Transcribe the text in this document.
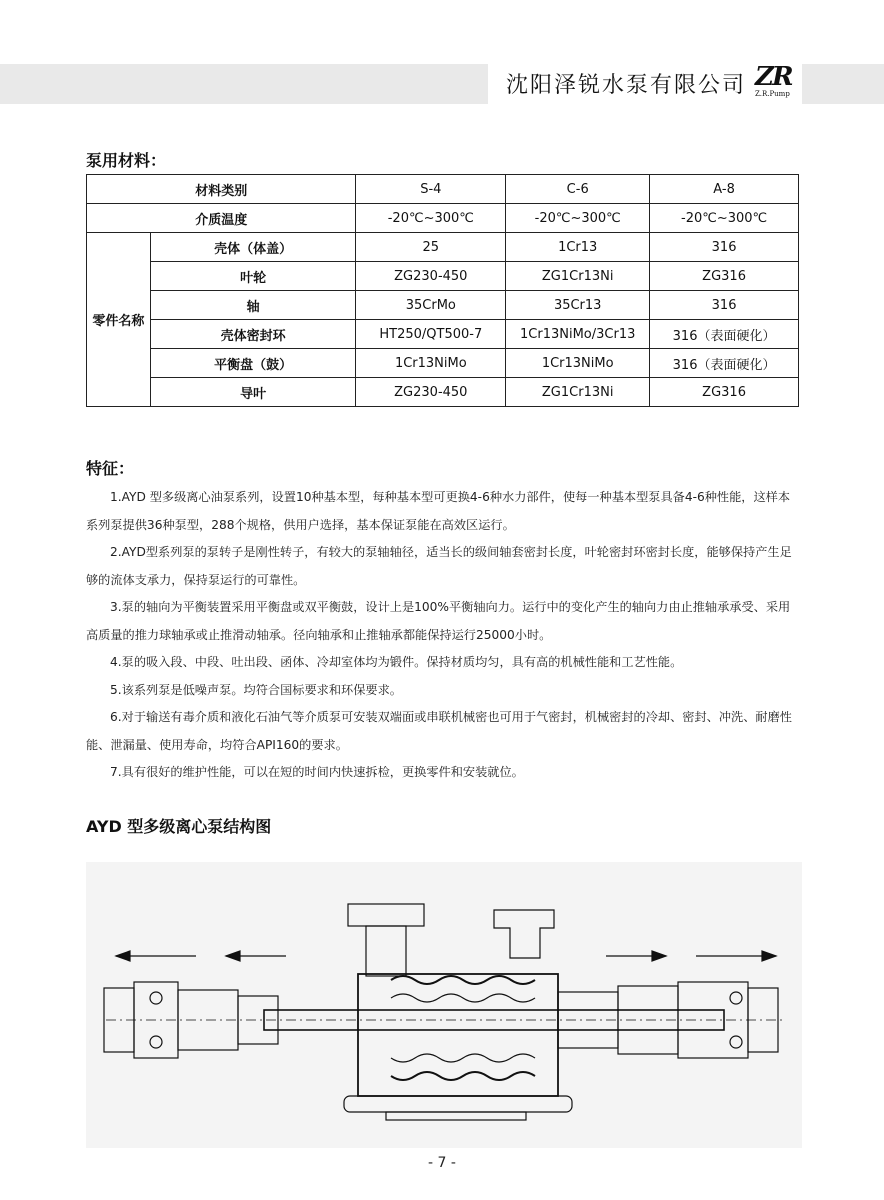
沈阳泽锐水泵有限公司 ZR
Z.R.Pump
泵用材料：
材料类别		S-4	C-6	A-8
介质温度		-20℃~300℃	-20℃~300℃	-20℃~300℃
零件名称	壳体（体盖）	25	1Cr13	316
	叶轮	ZG230-450	ZG1Cr13Ni	ZG316
	轴	35CrMo	35Cr13	316
	壳体密封环	HT250/QT500-7	1Cr13NiMo/3Cr13	316（表面硬化）
	平衡盘（鼓）	1Cr13NiMo	1Cr13NiMo	316（表面硬化）
	导叶	ZG230-450	ZG1Cr13Ni	ZG316
特征：

1.AYD 型多级离心油泵系列，设置10种基本型，每种基本型可更换4-6种水力部件，使每一种基本型泵具备4-6种性能，这样本系列泵提供36种泵型，288个规格，供用户选择，基本保证泵能在高效区运行。

2.AYD型系列泵的泵转子是刚性转子，有较大的泵轴轴径，适当长的级间轴套密封长度，叶轮密封环密封长度，能够保持产生足够的流体支承力，保持泵运行的可靠性。

3.泵的轴向为平衡装置采用平衡盘或双平衡鼓，设计上是100%平衡轴向力。运行中的变化产生的轴向力由止推轴承承受、采用高质量的推力球轴承或止推滑动轴承。径向轴承和止推轴承都能保持运行25000小时。

4.泵的吸入段、中段、吐出段、函体、冷却室体均为锻件。保持材质均匀，具有高的机械性能和工艺性能。

5.该系列泵是低噪声泵。均符合国标要求和环保要求。

6.对于输送有毒介质和液化石油气等介质泵可安装双端面或串联机械密也可用于气密封，机械密封的冷却、密封、冲洗、耐磨性能、泄漏量、使用寿命，均符合API160的要求。

7.具有很好的维护性能，可以在短的时间内快速拆检，更换零件和安装就位。

AYD 型多级离心泵结构图
- 7 -
